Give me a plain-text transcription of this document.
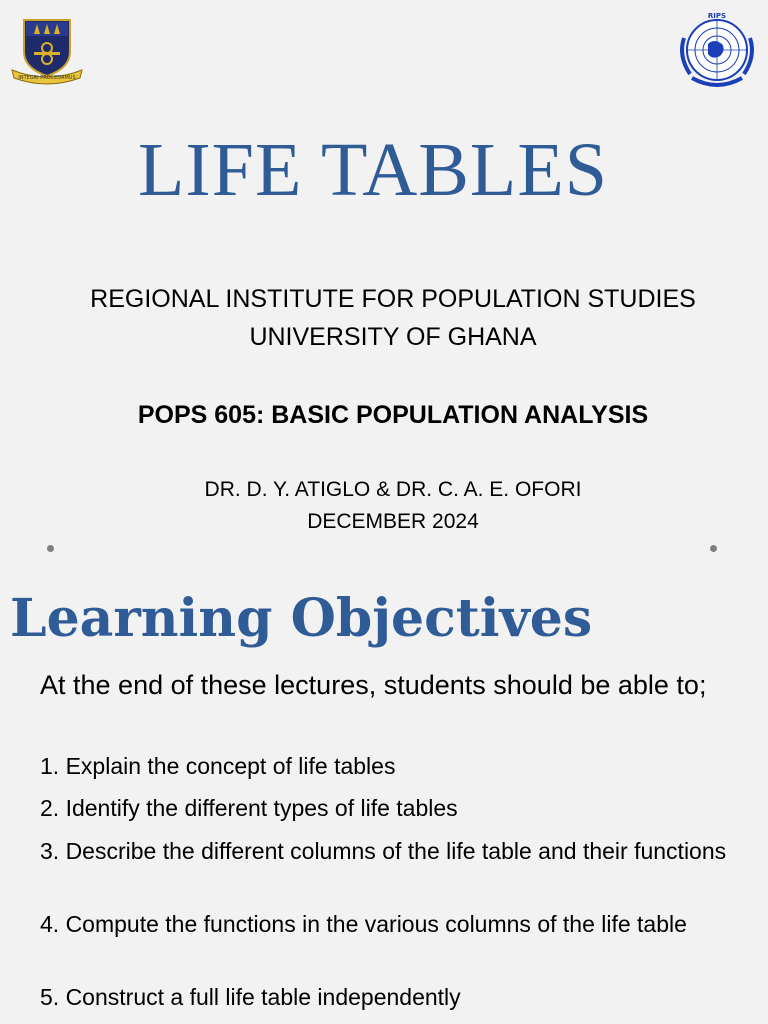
INTEGRI PROCEDAMUS
RIPS
LIFE TABLES
REGIONAL INSTITUTE FOR POPULATION STUDIES
UNIVERSITY OF GHANA
POPS 605: BASIC POPULATION ANALYSIS
DR. D. Y. ATIGLO & DR. C. A. E. OFORI
DECEMBER 2024
Learning Objectives
At the end of these lectures, students should be able to;
1. Explain the concept of life tables
2. Identify the different types of life tables
3. Describe the different columns of the life table and their functions
4. Compute the functions in the various columns of the life table
5. Construct a full life table independently
